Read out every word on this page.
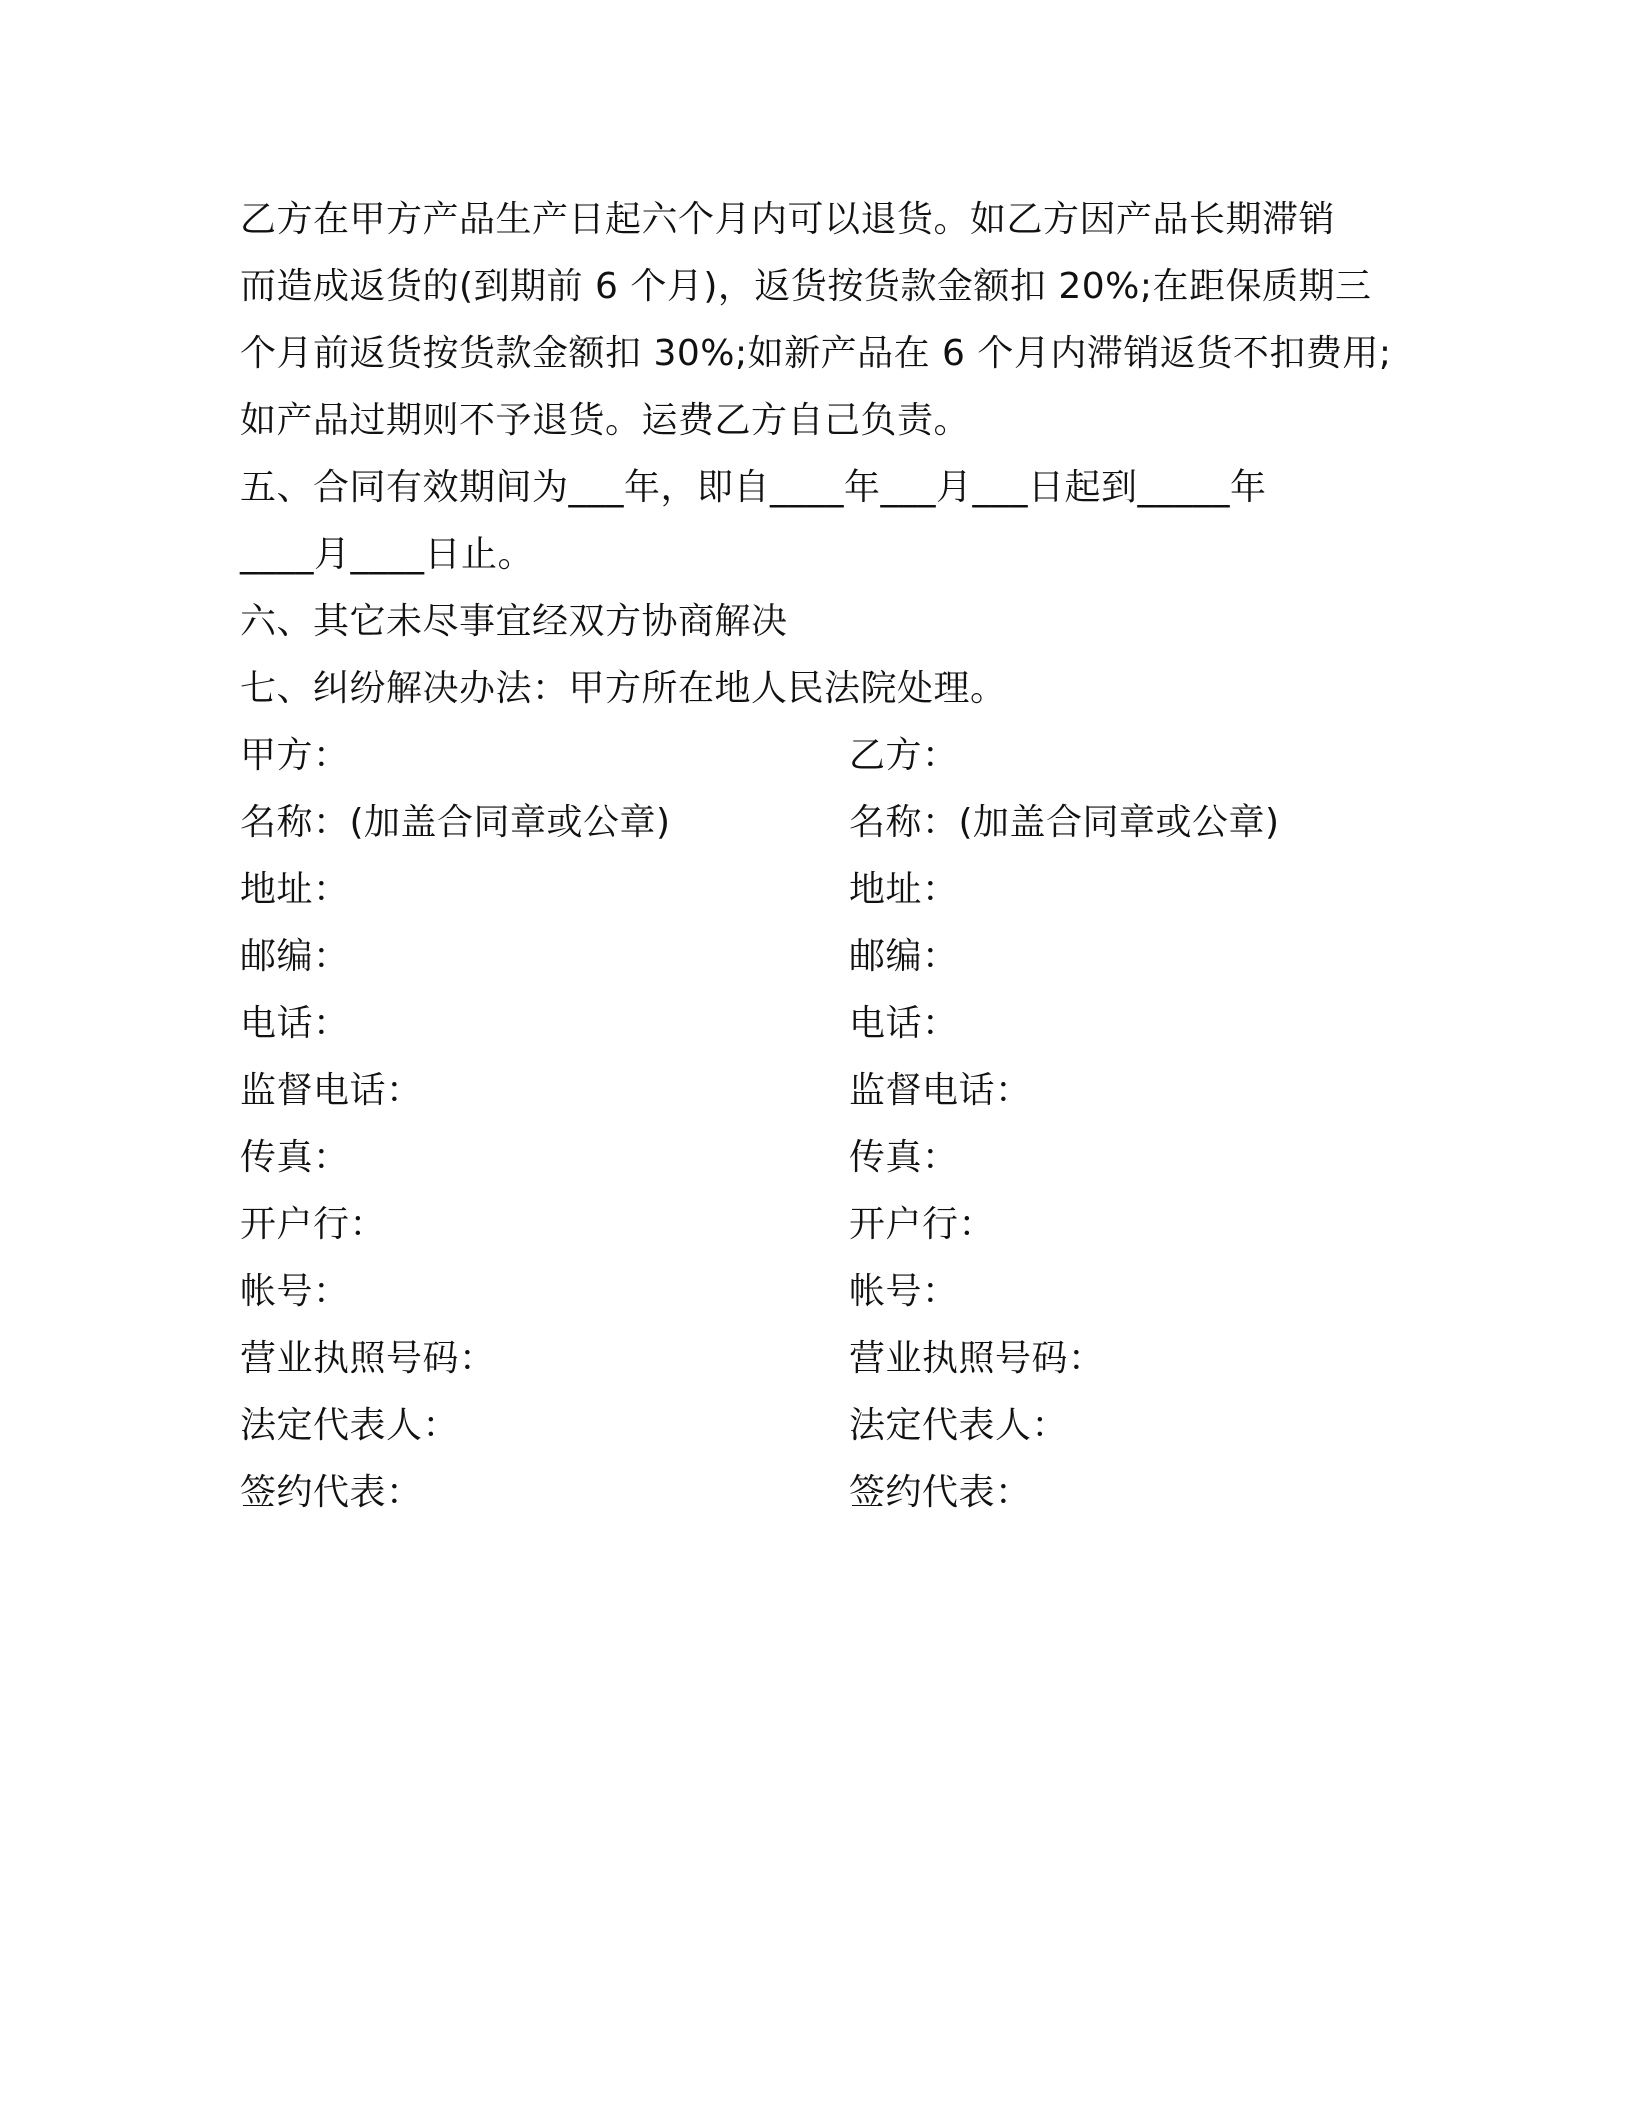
乙方在甲方产品生产日起六个月内可以退货。如乙方因产品长期滞销
而造成返货的(到期前 6 个月)，返货按货款金额扣 20%;在距保质期三
个月前返货按货款金额扣 30%;如新产品在 6 个月内滞销返货不扣费用;
如产品过期则不予退货。运费乙方自己负责。
五、合同有效期间为___年，即自____年___月___日起到_____年
____月____日止。
六、其它未尽事宜经双方协商解决
七、纠纷解决办法：甲方所在地人民法院处理。
甲方：	乙方：
名称：(加盖合同章或公章)	名称：(加盖合同章或公章)
地址：	地址：
邮编：	邮编：
电话：	电话：
监督电话：	监督电话：
传真：	传真：
开户行：	开户行：
帐号：	帐号：
营业执照号码：	营业执照号码：
法定代表人：	法定代表人：
签约代表：	签约代表：
